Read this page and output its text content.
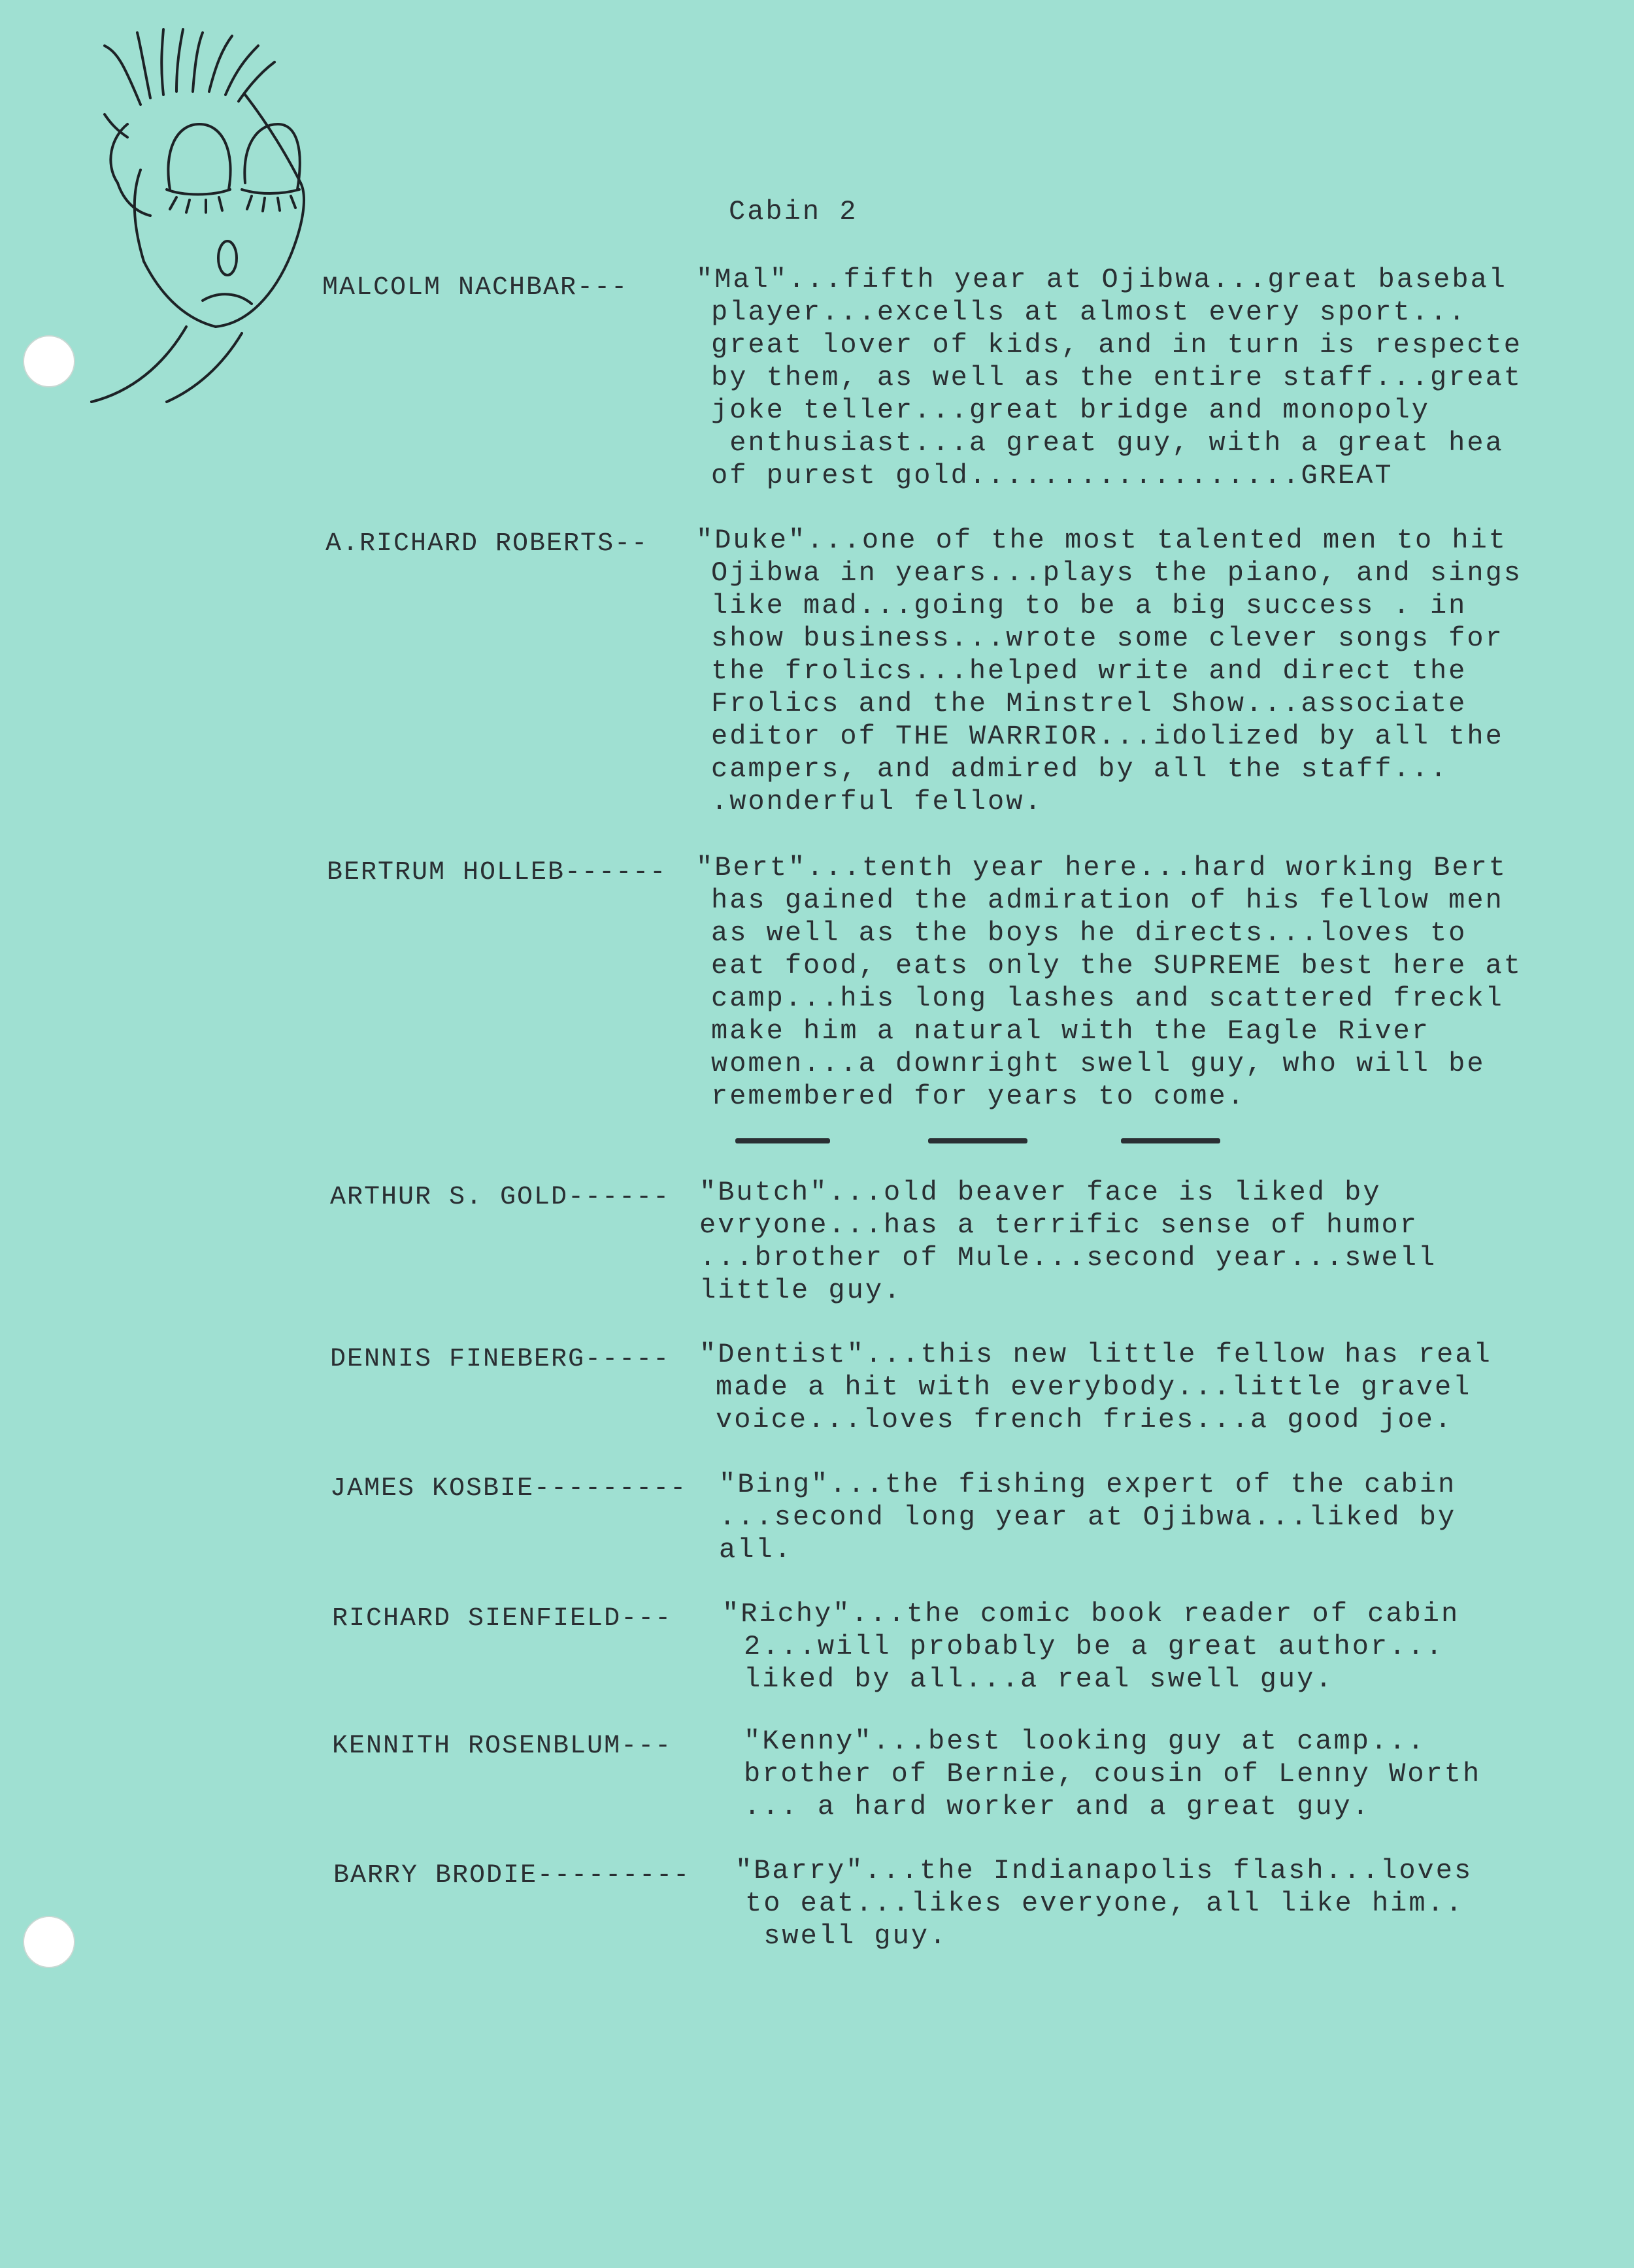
Cabin 2
MALCOLM NACHBAR--- "Mal"...fifth year at Ojibwa...great basebal
player...excells at almost every sport...
great lover of kids, and in turn is respecte
by them, as well as the entire staff...great
joke teller...great bridge and monopoly
enthusiast...a great guy, with a great hea
of purest gold..................GREAT
A.RICHARD ROBERTS-- "Duke"...one of the most talented men to hit
Ojibwa in years...plays the piano, and sings
like mad...going to be a big success . in
show business...wrote some clever songs for
the frolics...helped write and direct the
Frolics and the Minstrel Show...associate
editor of THE WARRIOR...idolized by all the
campers, and admired by all the staff...
.wonderful fellow.
BERTRUM HOLLEB------ "Bert"...tenth year here...hard working Bert
has gained the admiration of his fellow men
as well as the boys he directs...loves to
eat food, eats only the SUPREME best here at
camp...his long lashes and scattered freckl
make him a natural with the Eagle River
women...a downright swell guy, who will be
remembered for years to come.
ARTHUR S. GOLD------ "Butch"...old beaver face is liked by
evryone...has a terrific sense of humor
...brother of Mule...second year...swell
little guy.
DENNIS FINEBERG----- "Dentist"...this new little fellow has real
made a hit with everybody...little gravel
voice...loves french fries...a good joe.
JAMES KOSBIE--------- "Bing"...the fishing expert of the cabin
...second long year at Ojibwa...liked by
all.
RICHARD SIENFIELD--- "Richy"...the comic book reader of cabin
2...will probably be a great author...
liked by all...a real swell guy.
KENNITH ROSENBLUM---	"Kenny"...best looking guy at camp...
brother of Bernie, cousin of Lenny Worth
... a hard worker and a great guy.
BARRY BRODIE--------- "Barry"...the Indianapolis flash...loves
to eat...likes everyone, all like him..
swell guy.
